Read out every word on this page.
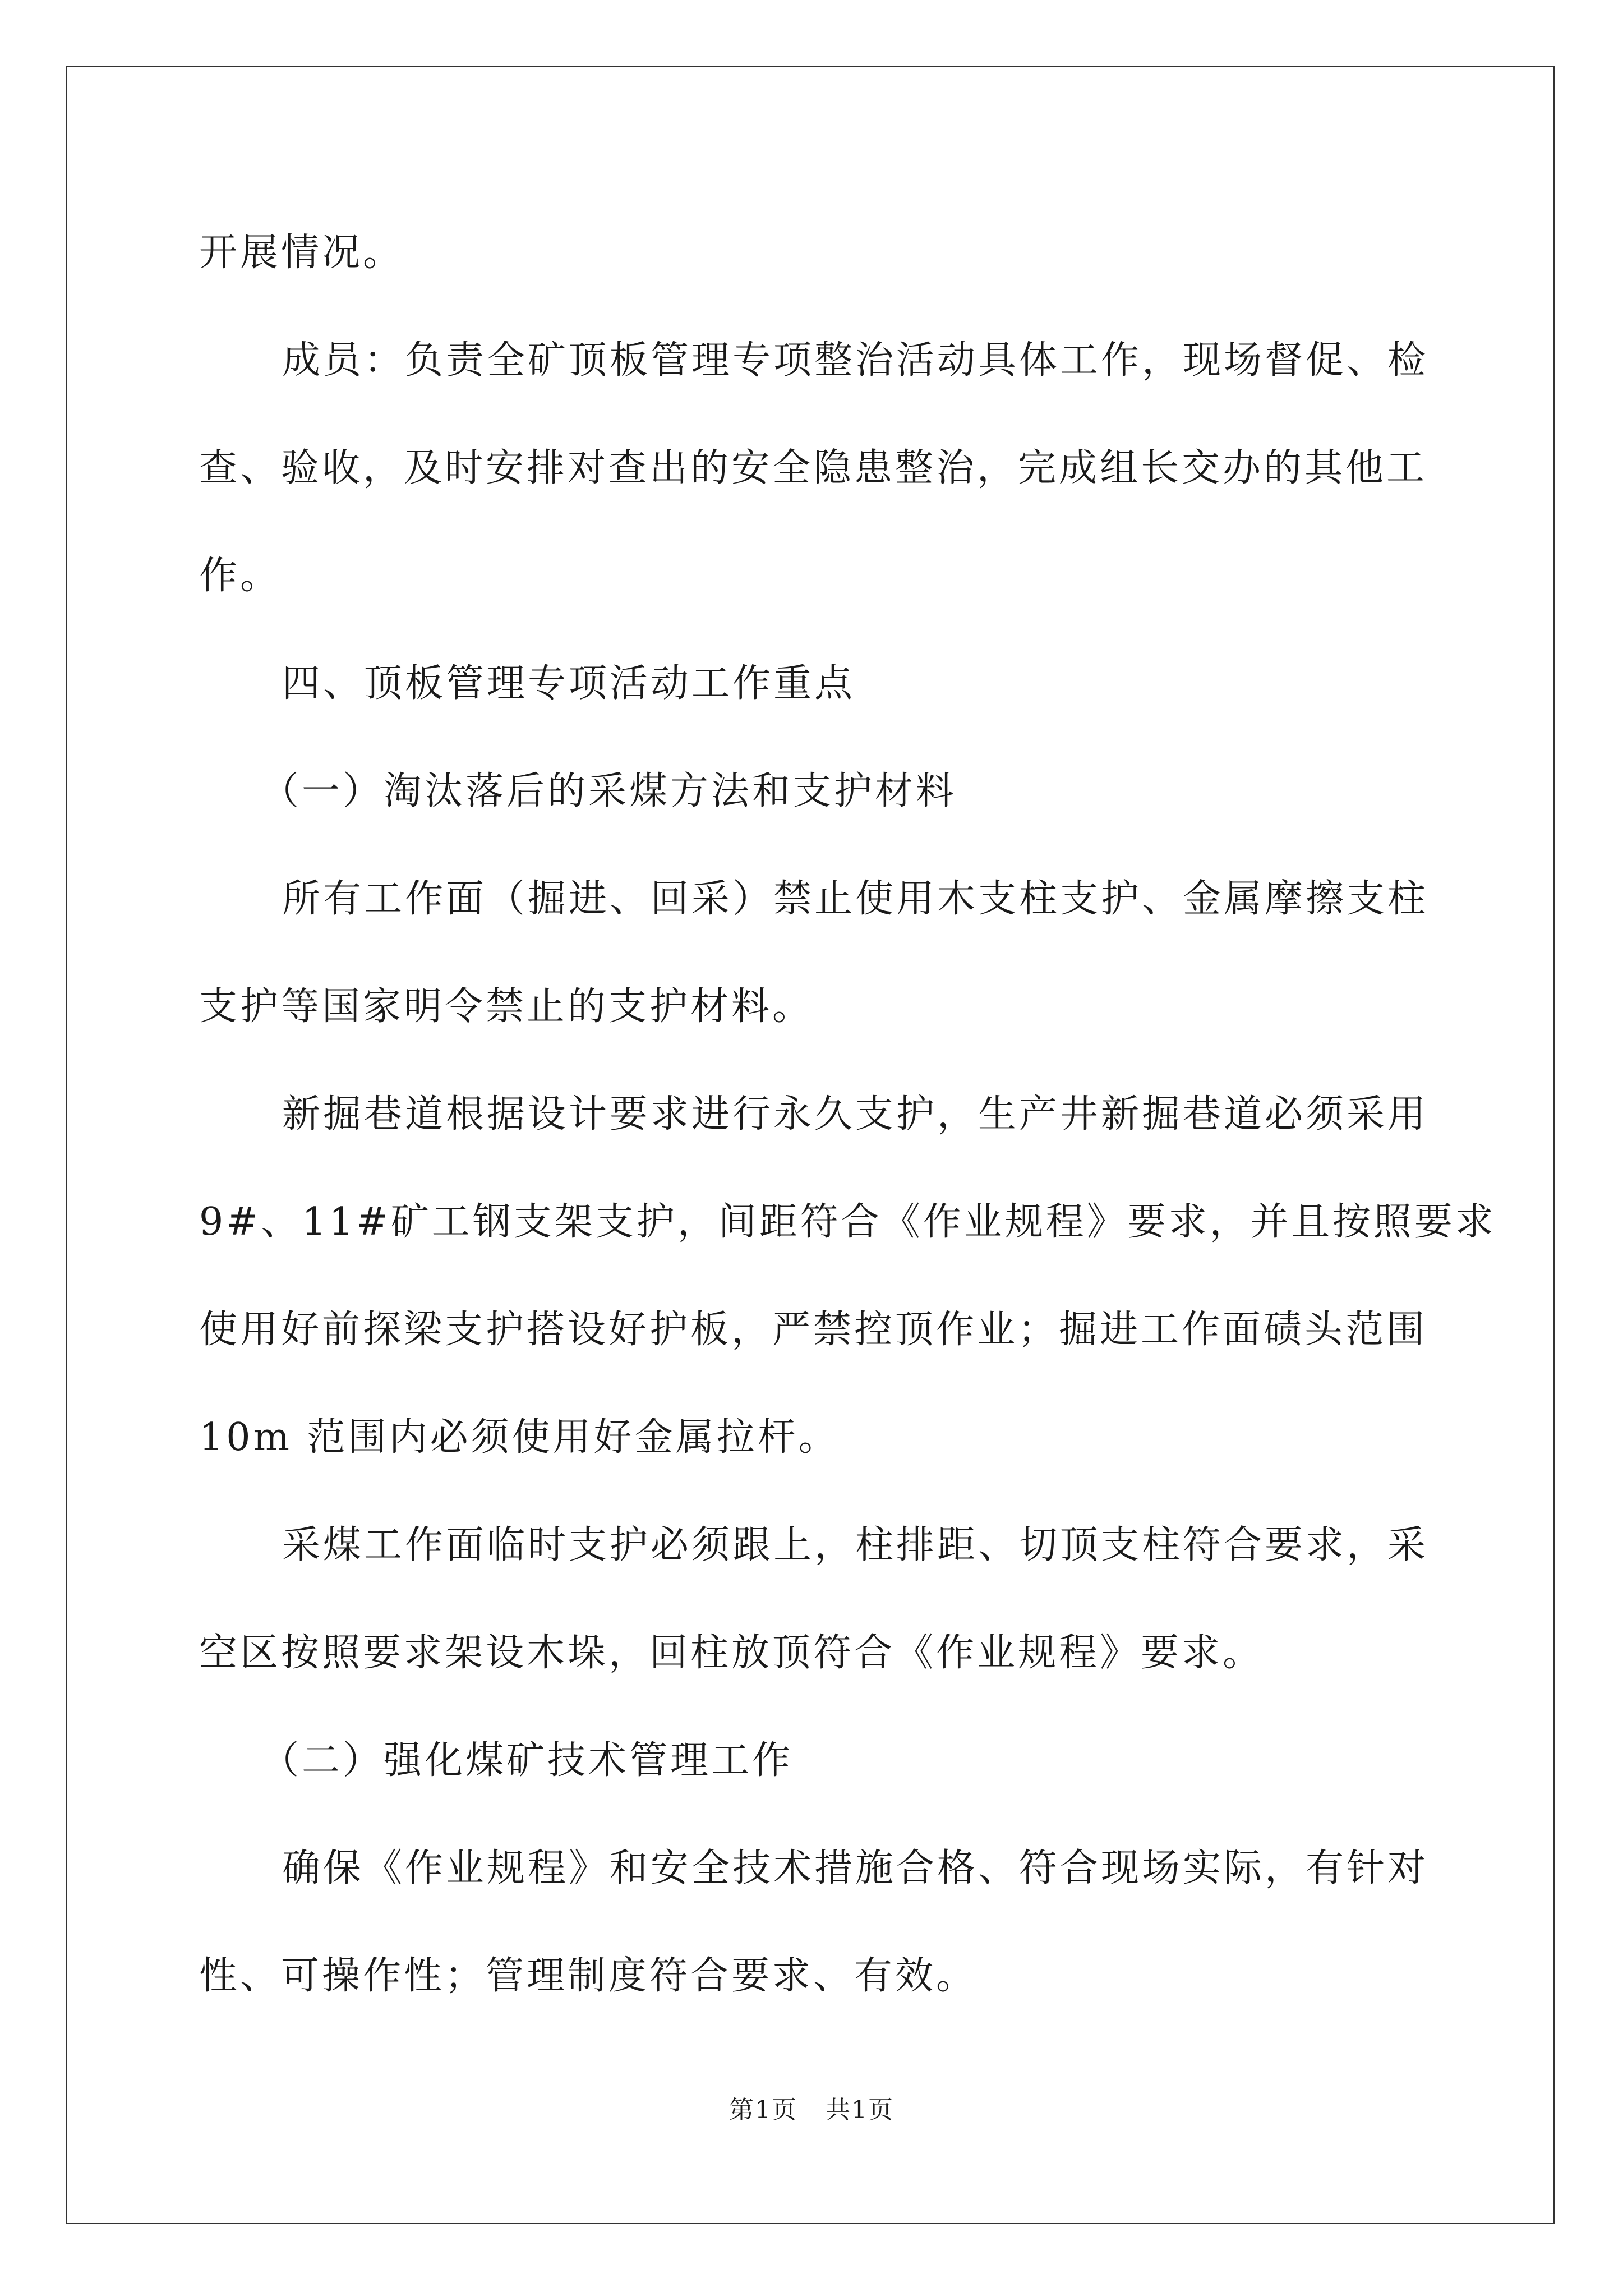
开展情况。

成员：负责全矿顶板管理专项整治活动具体工作，现场督促、检

查、验收，及时安排对查出的安全隐患整治，完成组长交办的其他工

作。

四、顶板管理专项活动工作重点

（一）淘汰落后的采煤方法和支护材料

所有工作面（掘进、回采）禁止使用木支柱支护、金属摩擦支柱

支护等国家明令禁止的支护材料。

新掘巷道根据设计要求进行永久支护，生产井新掘巷道必须采用

9#、11#矿工钢支架支护，间距符合《作业规程》要求，并且按照要求

使用好前探梁支护搭设好护板，严禁控顶作业；掘进工作面碛头范围

10m 范围内必须使用好金属拉杆。

采煤工作面临时支护必须跟上，柱排距、切顶支柱符合要求，采

空区按照要求架设木垛，回柱放顶符合《作业规程》要求。

（二）强化煤矿技术管理工作

确保《作业规程》和安全技术措施合格、符合现场实际，有针对

性、可操作性；管理制度符合要求、有效。

第1页 共1页
